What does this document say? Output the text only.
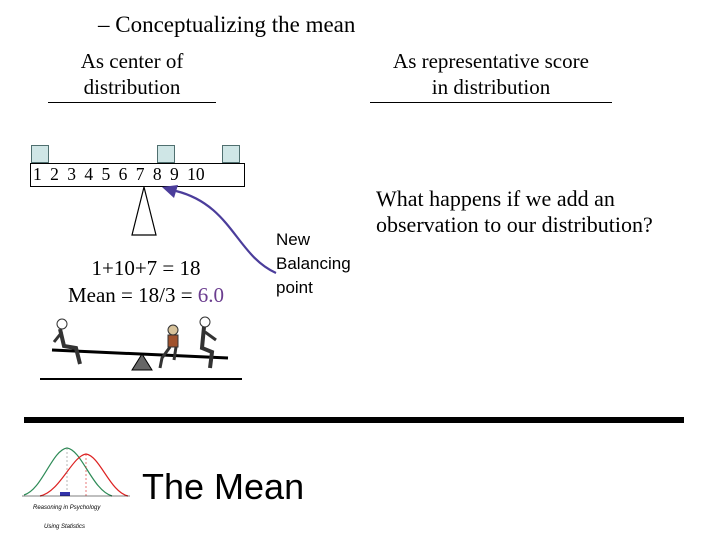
– Conceptualizing the mean
As center of
distribution
As representative score
in distribution
1 2 3 4 5 6 7 8 9 10
New
Balancing
point
What happens if we add an observation to our distribution?
1+10+7 = 18
Mean = 18/3 = 6.0
Reasoning in Psychology
Using Statistics
The Mean
